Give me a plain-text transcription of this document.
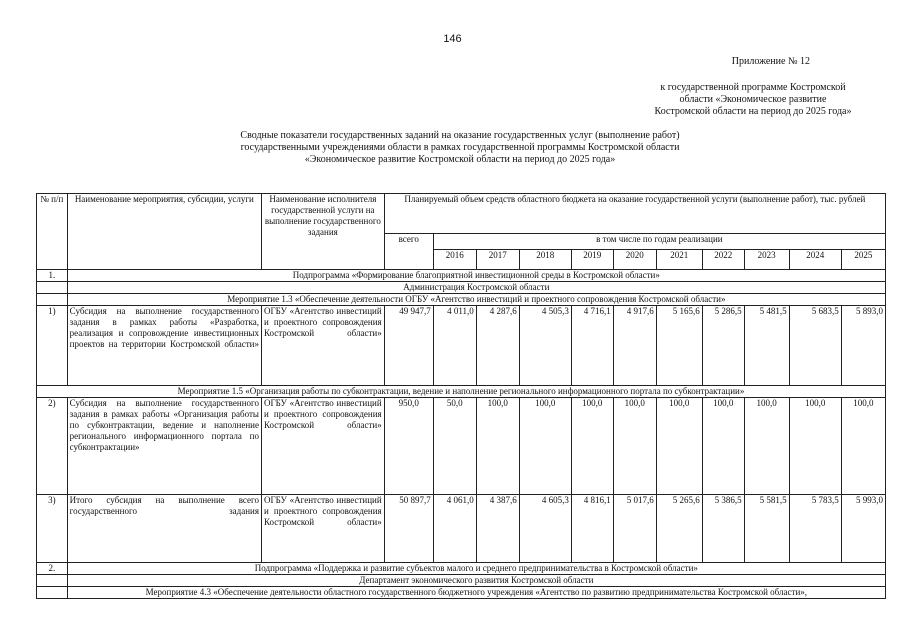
146
Приложение № 12
к государственной программе Костромской области «Экономическое развитие Костромской области на период до 2025 года»
Сводные показатели государственных заданий на оказание государственных услуг (выполнение работ) государственными учреждениями области в рамках государственной программы Костромской области «Экономическое развитие Костромской области на период до 2025 года»
№ п/п	Наименование мероприятия, субсидии, услуги	Наименование исполнителя государственной услуги на выполнение государственного задания	Планируемый объем средств областного бюджета на оказание государственной услуги (выполнение работ), тыс. рублей										
			всего	в том числе по годам реализации									
				2016	2017	2018	2019	2020	2021	2022	2023	2024	2025
1.	Подпрограмма «Формирование благоприятной инвестиционной среды в Костромской области»												
	Администрация Костромской области												
	Мероприятие 1.3 «Обеспечение деятельности ОГБУ «Агентство инвестиций и проектного сопровождения Костромской области»												
1)	Субсидия на выполнение государственного задания в рамках работы «Разработка, реализация и сопровождение инвестиционных проектов на территории Костромской области»	ОГБУ «Агентство инвестиций и проектного сопровождения Костромской области»	49 947,7	4 011,0	4 287,6	4 505,3	4 716,1	4 917,6	5 165,6	5 286,5	5 481,5	5 683,5	5 893,0
Мероприятие 1.5 «Организация работы по субконтрактации, ведение и наполнение регионального информационного портала по субконтрактации»													
2)	Субсидия на выполнение государственного задания в рамках работы «Организация работы по субконтрактации, ведение и наполнение регионального информационного портала по субконтрактации»	ОГБУ «Агентство инвестиций и проектного сопровождения Костромской области»	950,0	50,0	100,0	100,0	100,0	100,0	100,0	100,0	100,0	100,0	100,0
3)	Итого субсидия на выполнение всего государственного задания	ОГБУ «Агентство инвестиций и проектного сопровождения Костромской области»	50 897,7	4 061,0	4 387,6	4 605,3	4 816,1	5 017,6	5 265,6	5 386,5	5 581,5	5 783,5	5 993,0
2.	Подпрограмма «Поддержка и развитие субъектов малого и среднего предпринимательства в Костромской области»												
	Департамент экономического развития Костромской области												
	Мероприятие 4.3 «Обеспечение деятельности областного государственного бюджетного учреждения «Агентство по развитию предпринимательства Костромской области»,												
